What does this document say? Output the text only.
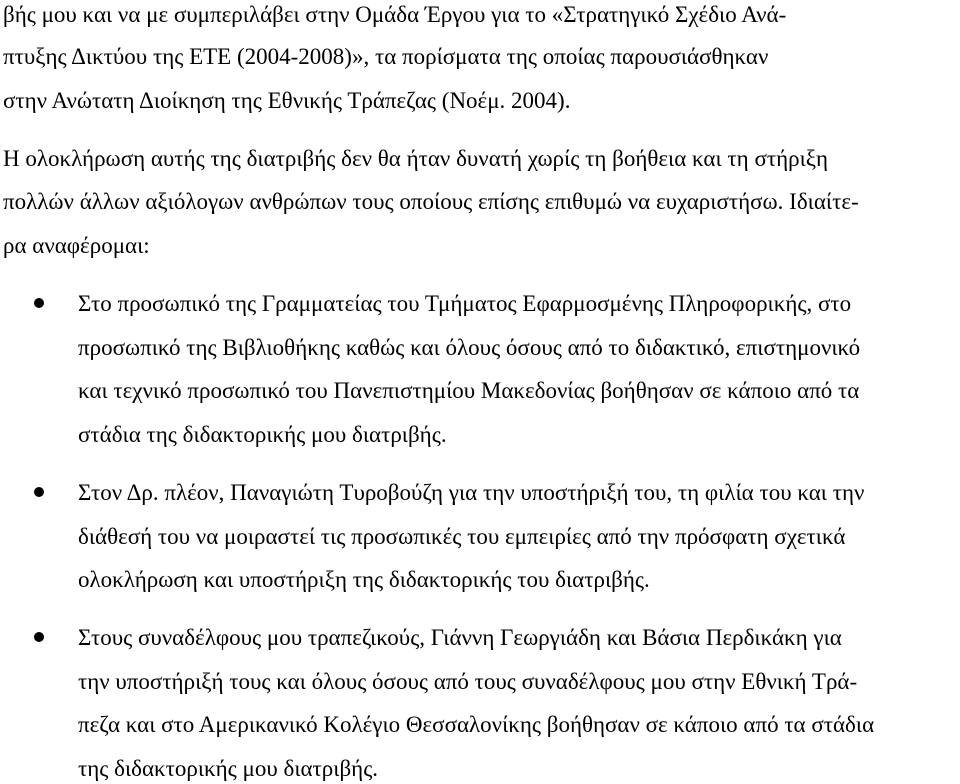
βής μου και να με συμπεριλάβει στην Ομάδα Έργου για το «Στρατηγικό Σχέδιο Ανά-
πτυξης Δικτύου της ΕΤΕ (2004-2008)», τα πορίσματα της οποίας παρουσιάσθηκαν
στην Ανώτατη Διοίκηση της Εθνικής Τράπεζας (Νοέμ. 2004).
Η ολοκλήρωση αυτής της διατριβής δεν θα ήταν δυνατή χωρίς τη βοήθεια και τη στήριξη
πολλών άλλων αξιόλογων ανθρώπων τους οποίους επίσης επιθυμώ να ευχαριστήσω. Ιδιαίτε-
ρα αναφέρομαι:
Στο προσωπικό της Γραμματείας του Τμήματος Εφαρμοσμένης Πληροφορικής, στο
προσωπικό της Βιβλιοθήκης καθώς και όλους όσους από το διδακτικό, επιστημονικό
και τεχνικό προσωπικό του Πανεπιστημίου Μακεδονίας βοήθησαν σε κάποιο από τα
στάδια της διδακτορικής μου διατριβής.
Στον Δρ. πλέον, Παναγιώτη Τυροβούζη για την υποστήριξή του, τη φιλία του και την
διάθεσή του να μοιραστεί τις προσωπικές του εμπειρίες από την πρόσφατη σχετικά
ολοκλήρωση και υποστήριξη της διδακτορικής του διατριβής.
Στους συναδέλφους μου τραπεζικούς, Γιάννη Γεωργιάδη και Βάσια Περδικάκη για
την υποστήριξή τους και όλους όσους από τους συναδέλφους μου στην Εθνική Τρά-
πεζα και στο Αμερικανικό Κολέγιο Θεσσαλονίκης βοήθησαν σε κάποιο από τα στάδια
της διδακτορικής μου διατριβής.
